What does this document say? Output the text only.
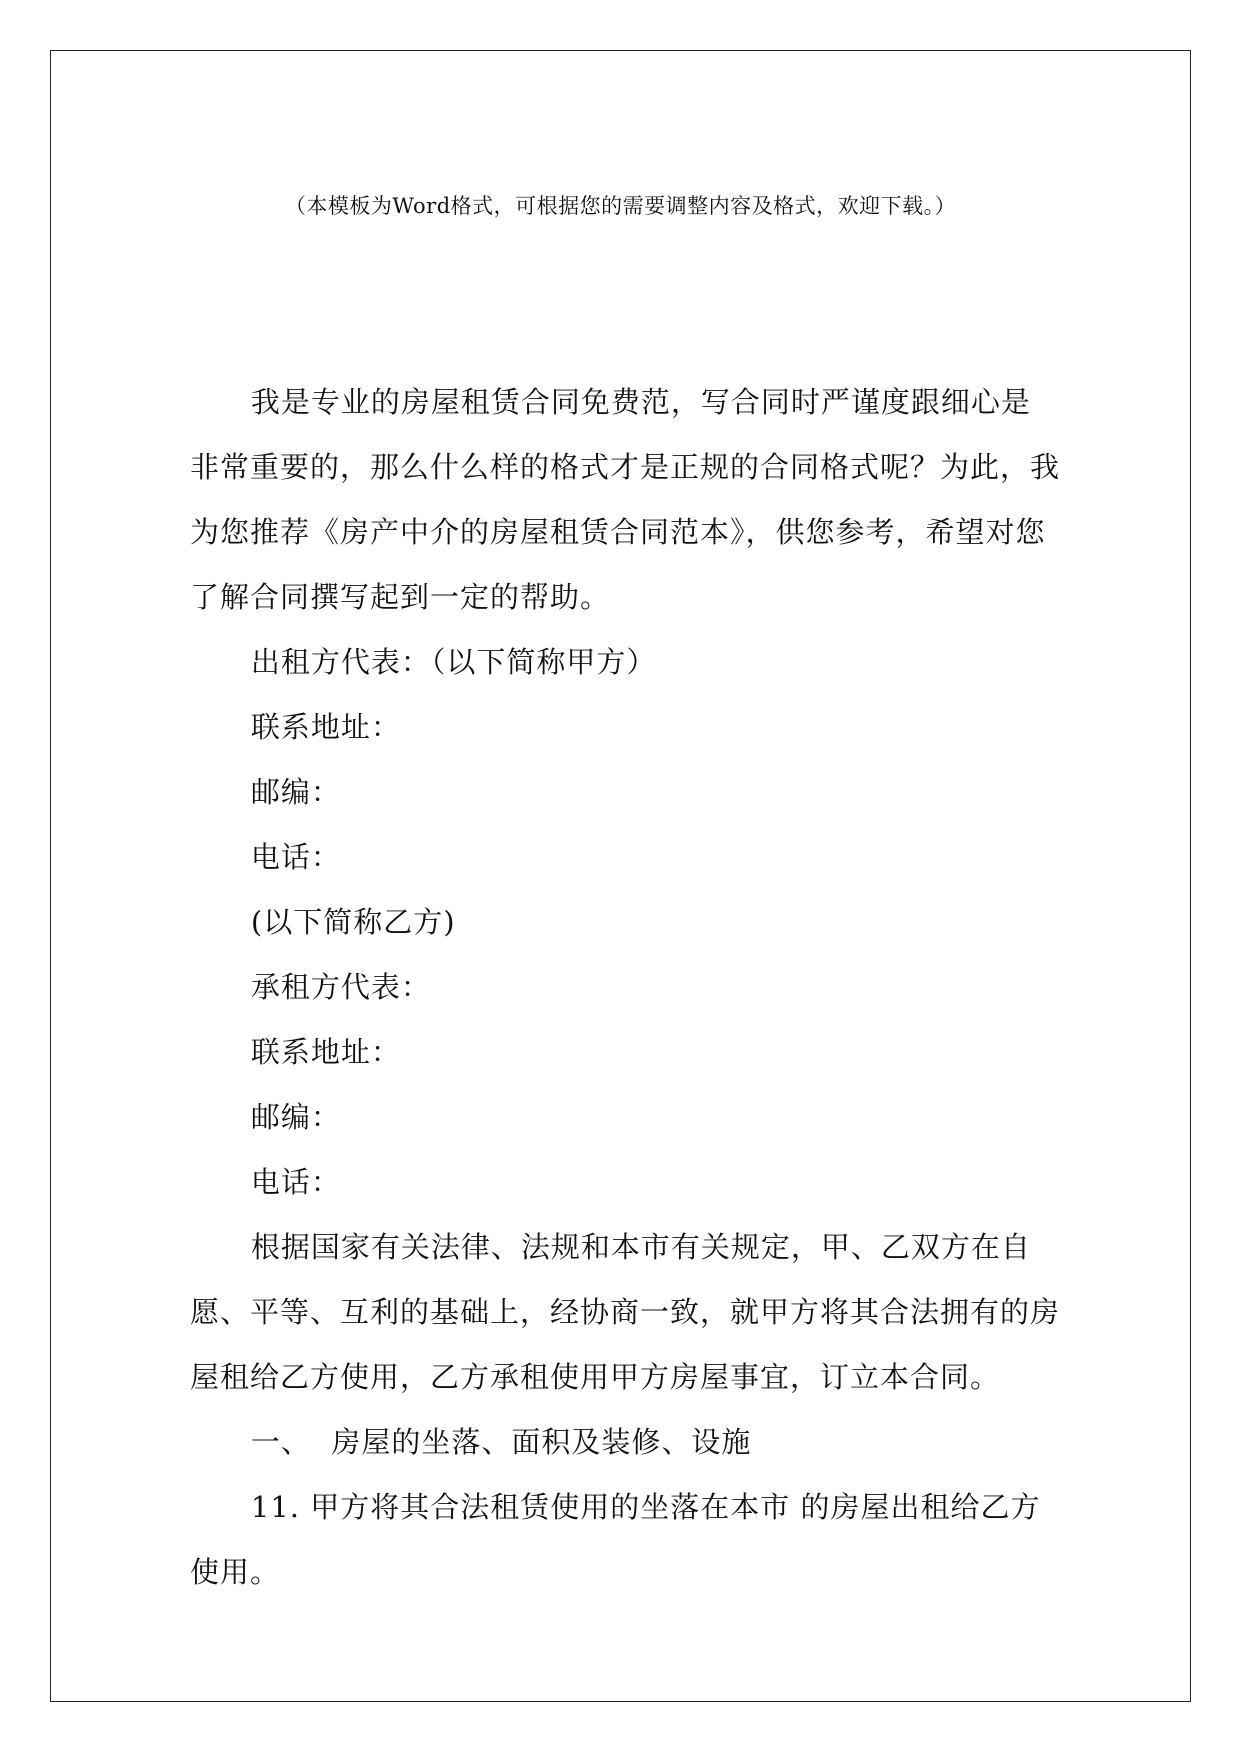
（本模板为Word格式，可根据您的需要调整内容及格式，欢迎下载。）

我是专业的房屋租赁合同免费范，写合同时严谨度跟细心是非常重要的，那么什么样的格式才是正规的合同格式呢？为此，我为您推荐《房产中介的房屋租赁合同范本》，供您参考，希望对您了解合同撰写起到一定的帮助。

出租方代表：（以下简称甲方）

联系地址：

邮编：

电话：

(以下简称乙方)

承租方代表：

联系地址：

邮编：

电话：

根据国家有关法律、法规和本市有关规定，甲、乙双方在自愿、平等、互利的基础上，经协商一致，就甲方将其合法拥有的房屋租给乙方使用，乙方承租使用甲方房屋事宜，订立本合同。

一、  房屋的坐落、面积及装修、设施

11. 甲方将其合法租赁使用的坐落在本市 的房屋出租给乙方使用。
